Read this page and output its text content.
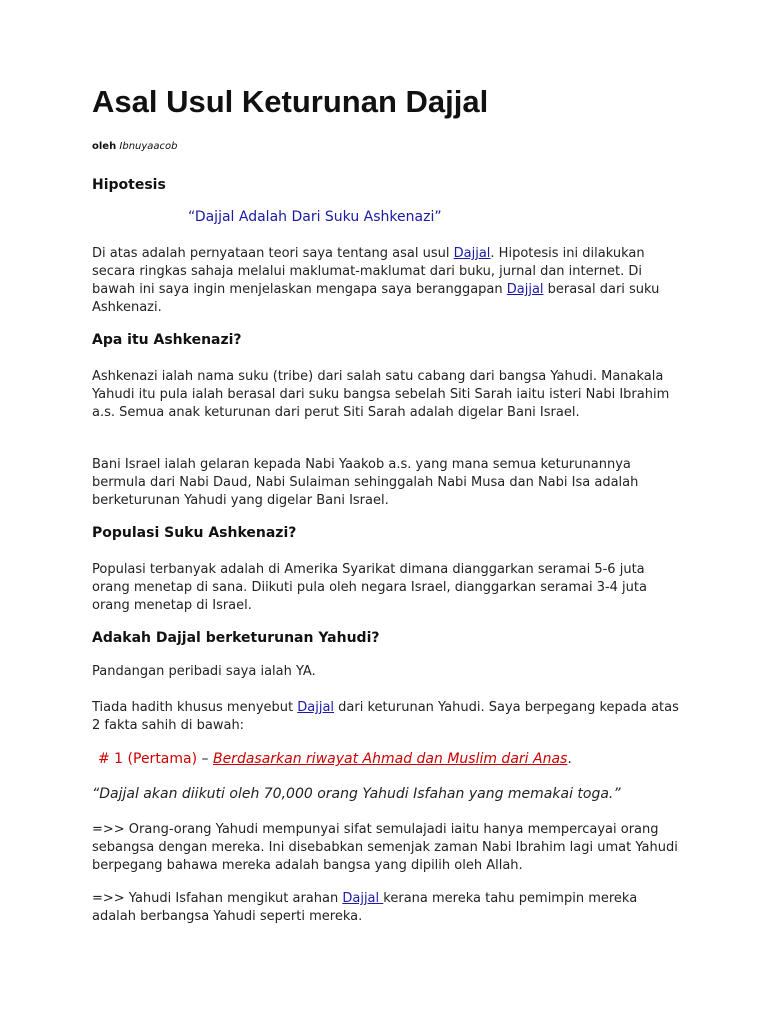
Asal Usul Keturunan Dajjal
oleh Ibnuyaacob
Hipotesis
“Dajjal Adalah Dari Suku Ashkenazi”

Di atas adalah pernyataan teori saya tentang asal usul Dajjal. Hipotesis ini dilakukan secara ringkas sahaja melalui maklumat-maklumat dari buku, jurnal dan internet. Di bawah ini saya ingin menjelaskan mengapa saya beranggapan Dajjal berasal dari suku Ashkenazi.

Apa itu Ashkenazi?

Ashkenazi ialah nama suku (tribe) dari salah satu cabang dari bangsa Yahudi. Manakala Yahudi itu pula ialah berasal dari suku bangsa sebelah Siti Sarah iaitu isteri Nabi Ibrahim a.s. Semua anak keturunan dari perut Siti Sarah adalah digelar Bani Israel.

Bani Israel ialah gelaran kepada Nabi Yaakob a.s. yang mana semua keturunannya bermula dari Nabi Daud, Nabi Sulaiman sehinggalah Nabi Musa dan Nabi Isa adalah berketurunan Yahudi yang digelar Bani Israel.

Populasi Suku Ashkenazi?

Populasi terbanyak adalah di Amerika Syarikat dimana dianggarkan seramai 5-6 juta orang menetap di sana. Diikuti pula oleh negara Israel, dianggarkan seramai 3-4 juta orang menetap di Israel.

Adakah Dajjal berketurunan Yahudi?

Pandangan peribadi saya ialah YA.

Tiada hadith khusus menyebut Dajjal dari keturunan Yahudi. Saya berpegang kepada atas 2 fakta sahih di bawah:

# 1 (Pertama) – Berdasarkan riwayat Ahmad dan Muslim dari Anas.

“Dajjal akan diikuti oleh 70,000 orang Yahudi Isfahan yang memakai toga.”

=>> Orang-orang Yahudi mempunyai sifat semulajadi iaitu hanya mempercayai orang sebangsa dengan mereka. Ini disebabkan semenjak zaman Nabi Ibrahim lagi umat Yahudi berpegang bahawa mereka adalah bangsa yang dipilih oleh Allah.

=>> Yahudi Isfahan mengikut arahan Dajjal kerana mereka tahu pemimpin mereka adalah berbangsa Yahudi seperti mereka.
